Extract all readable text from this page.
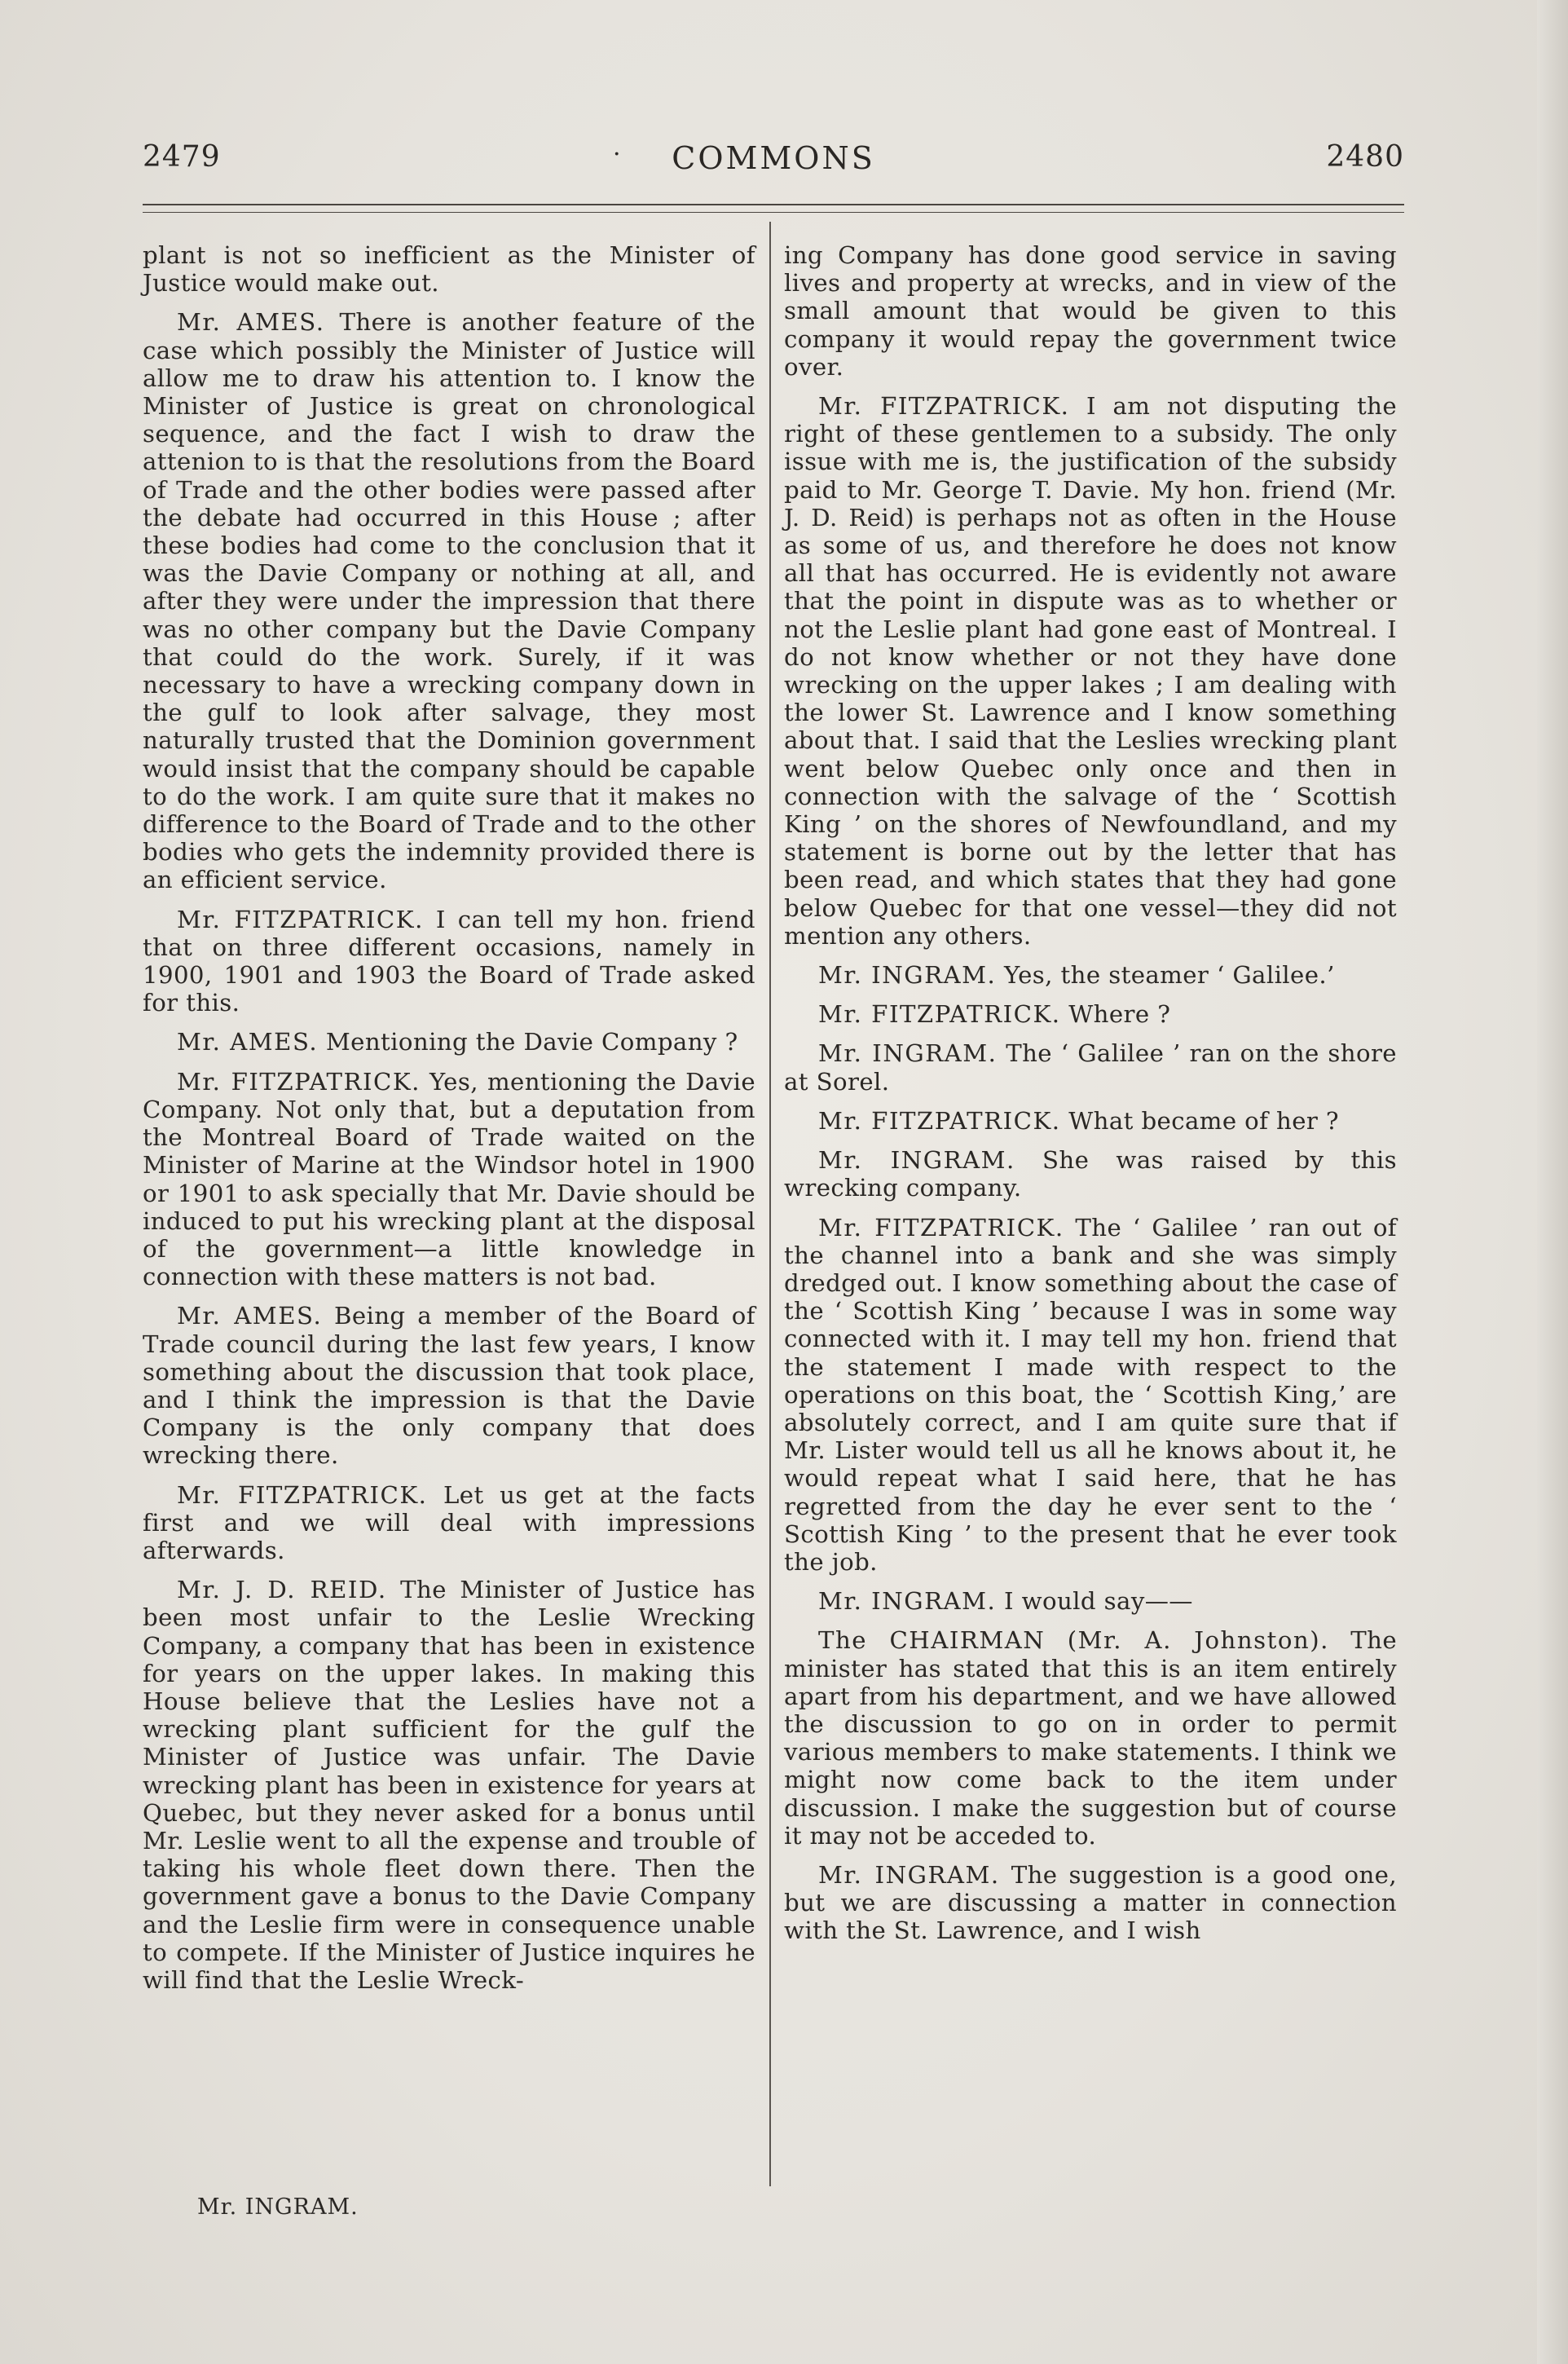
2479	·	COMMONS	2480

plant is not so inefficient as the Minister of Justice would make out.

Mr. AMES. There is another feature of the case which possibly the Minister of Justice will allow me to draw his attention to. I know the Minister of Justice is great on chronological sequence, and the fact I wish to draw the attenion to is that the resolutions from the Board of Trade and the other bodies were passed after the debate had occurred in this House ; after these bodies had come to the conclusion that it was the Davie Company or nothing at all, and after they were under the impression that there was no other company but the Davie Company that could do the work. Surely, if it was necessary to have a wrecking company down in the gulf to look after salvage, they most naturally trusted that the Dominion government would insist that the company should be capable to do the work. I am quite sure that it makes no difference to the Board of Trade and to the other bodies who gets the indemnity provided there is an efficient service.

Mr. FITZPATRICK. I can tell my hon. friend that on three different occasions, namely in 1900, 1901 and 1903 the Board of Trade asked for this.

Mr. AMES. Mentioning the Davie Company ?

Mr. FITZPATRICK. Yes, mentioning the Davie Company. Not only that, but a deputation from the Montreal Board of Trade waited on the Minister of Marine at the Windsor hotel in 1900 or 1901 to ask specially that Mr. Davie should be induced to put his wrecking plant at the disposal of the government—a little knowledge in connection with these matters is not bad.

Mr. AMES. Being a member of the Board of Trade council during the last few years, I know something about the discussion that took place, and I think the impression is that the Davie Company is the only company that does wrecking there.

Mr. FITZPATRICK. Let us get at the facts first and we will deal with impressions afterwards.

Mr. J. D. REID. The Minister of Justice has been most unfair to the Leslie Wrecking Company, a company that has been in existence for years on the upper lakes. In making this House believe that the Leslies have not a wrecking plant sufficient for the gulf the Minister of Justice was unfair. The Davie wrecking plant has been in existence for years at Quebec, but they never asked for a bonus until Mr. Leslie went to all the expense and trouble of taking his whole fleet down there. Then the government gave a bonus to the Davie Company and the Leslie firm were in consequence unable to compete. If the Minister of Justice inquires he will find that the Leslie Wreck-

ing Company has done good service in saving lives and property at wrecks, and in view of the small amount that would be given to this company it would repay the government twice over.

Mr. FITZPATRICK. I am not disputing the right of these gentlemen to a subsidy. The only issue with me is, the justification of the subsidy paid to Mr. George T. Davie. My hon. friend (Mr. J. D. Reid) is perhaps not as often in the House as some of us, and therefore he does not know all that has occurred. He is evidently not aware that the point in dispute was as to whether or not the Leslie plant had gone east of Montreal. I do not know whether or not they have done wrecking on the upper lakes ; I am dealing with the lower St. Lawrence and I know something about that. I said that the Leslies wrecking plant went below Quebec only once and then in connection with the salvage of the ‘ Scottish King ’ on the shores of Newfoundland, and my statement is borne out by the letter that has been read, and which states that they had gone below Quebec for that one vessel—they did not mention any others.

Mr. INGRAM. Yes, the steamer ‘ Galilee.’

Mr. FITZPATRICK. Where ?

Mr. INGRAM. The ‘ Galilee ’ ran on the shore at Sorel.

Mr. FITZPATRICK. What became of her ?

Mr. INGRAM. She was raised by this wrecking company.

Mr. FITZPATRICK. The ‘ Galilee ’ ran out of the channel into a bank and she was simply dredged out. I know something about the case of the ‘ Scottish King ’ because I was in some way connected with it. I may tell my hon. friend that the statement I made with respect to the operations on this boat, the ‘ Scottish King,’ are absolutely correct, and I am quite sure that if Mr. Lister would tell us all he knows about it, he would repeat what I said here, that he has regretted from the day he ever sent to the ‘ Scottish King ’ to the present that he ever took the job.

Mr. INGRAM. I would say——

The CHAIRMAN (Mr. A. Johnston). The minister has stated that this is an item entirely apart from his department, and we have allowed the discussion to go on in order to permit various members to make statements. I think we might now come back to the item under discussion. I make the suggestion but of course it may not be acceded to.

Mr. INGRAM. The suggestion is a good one, but we are discussing a matter in connection with the St. Lawrence, and I wish

Mr. INGRAM.
